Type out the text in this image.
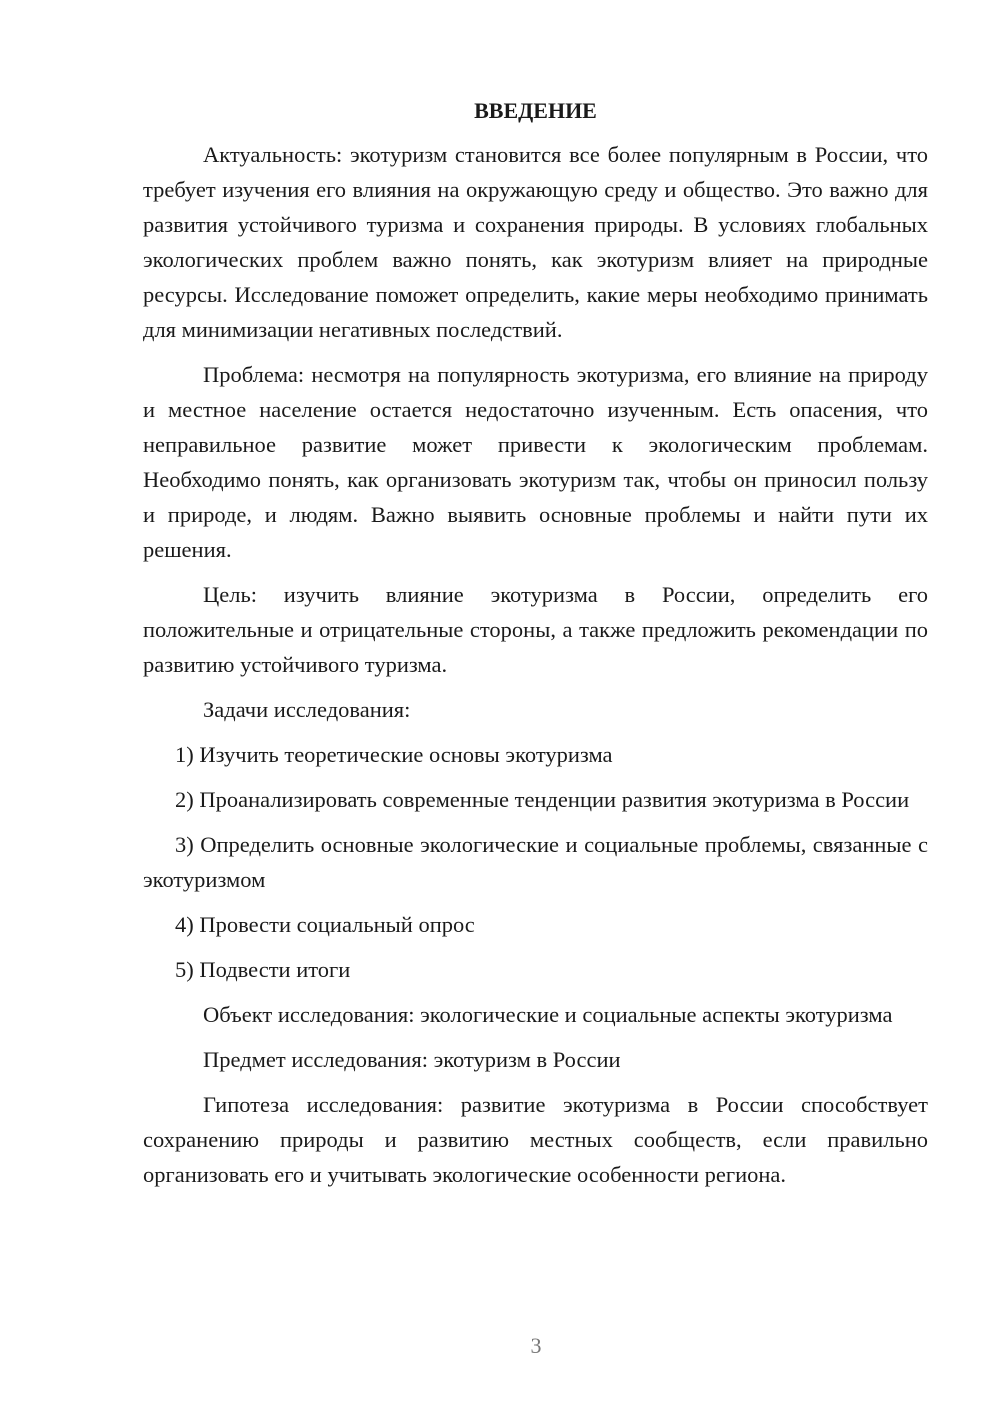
ВВЕДЕНИЕ

Актуальность: экотуризм становится все более популярным в России, что требует изучения его влияния на окружающую среду и общество. Это важно для развития устойчивого туризма и сохранения природы. В условиях глобальных экологических проблем важно понять, как экотуризм влияет на природные ресурсы. Исследование поможет определить, какие меры необходимо принимать для минимизации негативных последствий.

Проблема: несмотря на популярность экотуризма, его влияние на природу и местное население остается недостаточно изученным. Есть опасения, что неправильное развитие может привести к экологическим проблемам. Необходимо понять, как организовать экотуризм так, чтобы он приносил пользу и природе, и людям. Важно выявить основные проблемы и найти пути их решения.

Цель: изучить влияние экотуризма в России, определить его положительные и отрицательные стороны, а также предложить рекомендации по развитию устойчивого туризма.

Задачи исследования:

1) Изучить теоретические основы экотуризма

2) Проанализировать современные тенденции развития экотуризма в России

3) Определить основные экологические и социальные проблемы, связанные с экотуризмом

4) Провести социальный опрос

5) Подвести итоги

Объект исследования: экологические и социальные аспекты экотуризма

Предмет исследования: экотуризм в России

Гипотеза исследования: развитие экотуризма в России способствует сохранению природы и развитию местных сообществ, если правильно организовать его и учитывать экологические особенности региона.

3
